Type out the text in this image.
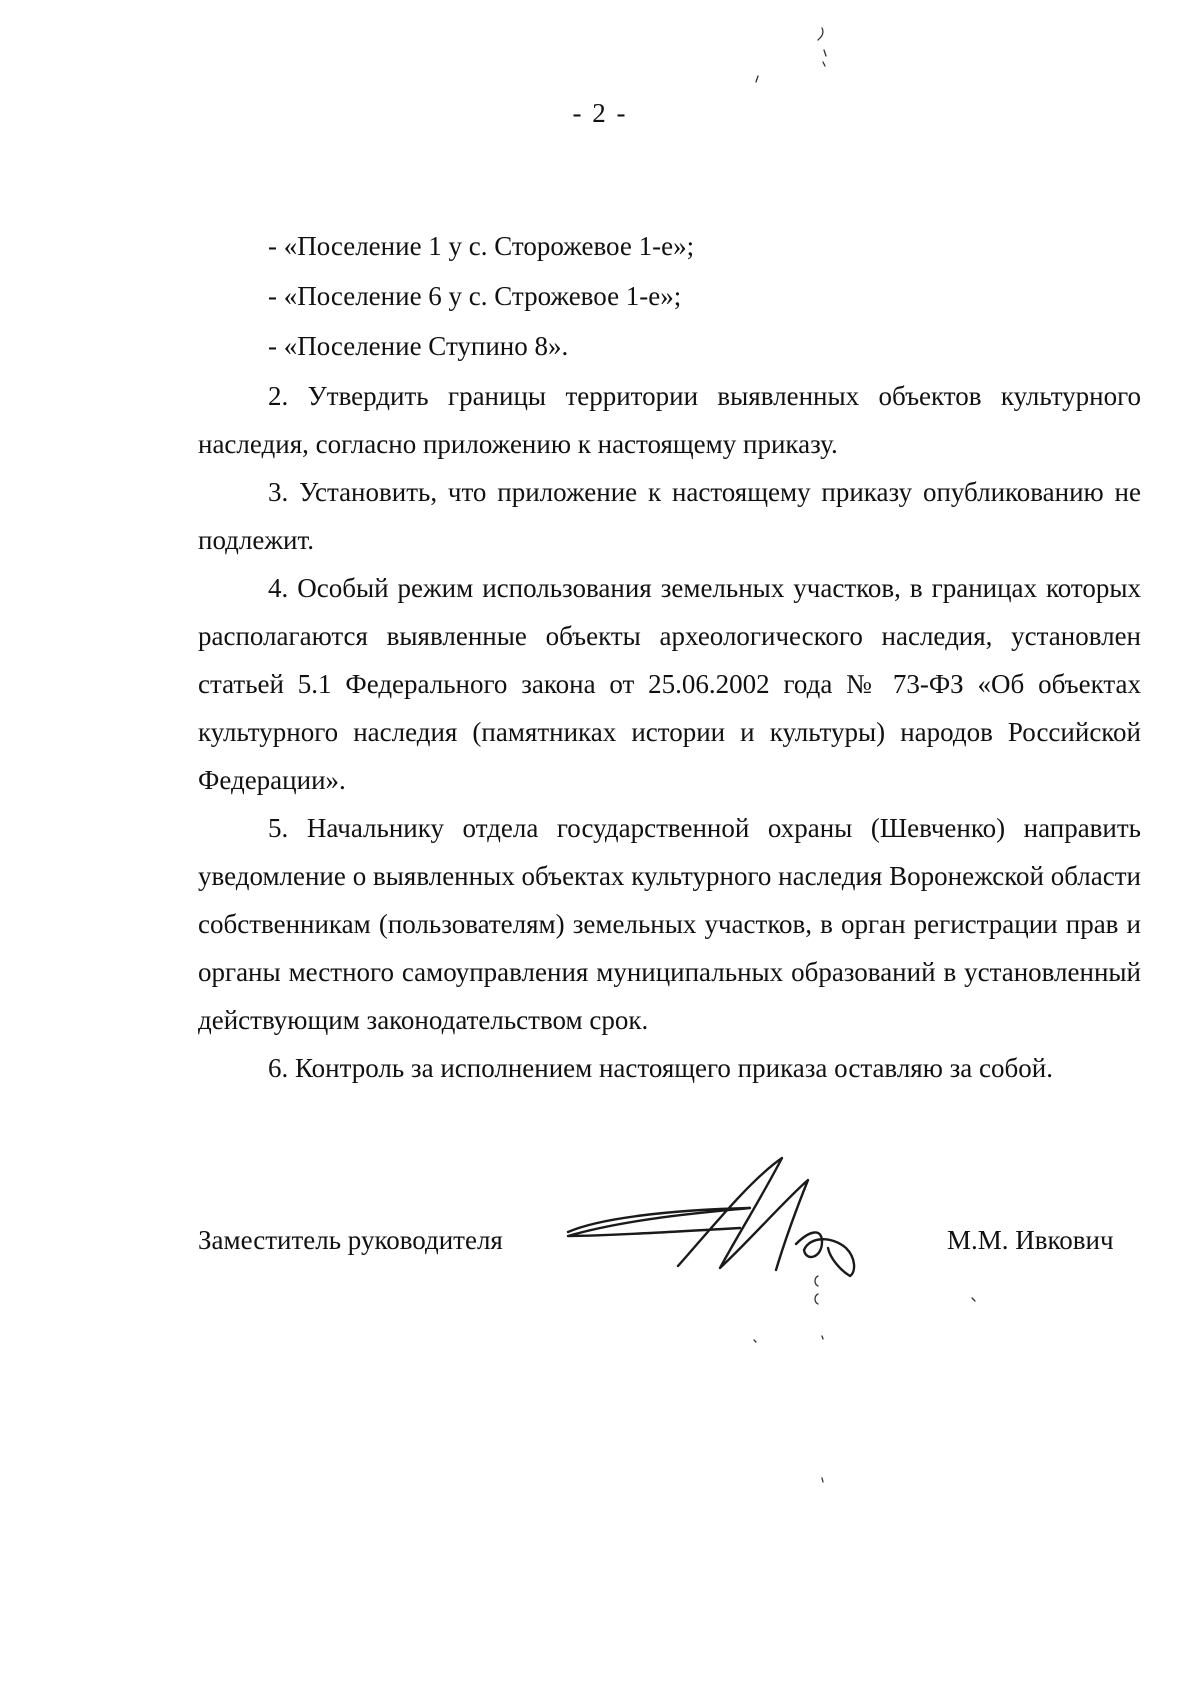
- 2 -

- «Поселение 1 у с. Сторожевое 1-е»;

- «Поселение 6 у с. Строжевое 1-е»;

- «Поселение Ступино 8».

2. Утвердить границы территории выявленных объектов культурного наследия, согласно приложению к настоящему приказу.

3. Установить, что приложение к настоящему приказу опубликованию не подлежит.

4. Особый режим использования земельных участков, в границах которых располагаются выявленные объекты археологического наследия, установлен статьей 5.1 Федерального закона от 25.06.2002 года № 73-ФЗ «Об объектах культурного наследия (памятниках истории и культуры) народов Российской Федерации».

5. Начальнику отдела государственной охраны (Шевченко) направить уведомление о выявленных объектах культурного наследия Воронежской области собственникам (пользователям) земельных участков, в орган регистрации прав и органы местного самоуправления муниципальных образований в установленный действующим законодательством срок.

6. Контроль за исполнением настоящего приказа оставляю за собой.

Заместитель руководителя	М.М. Ивкович
